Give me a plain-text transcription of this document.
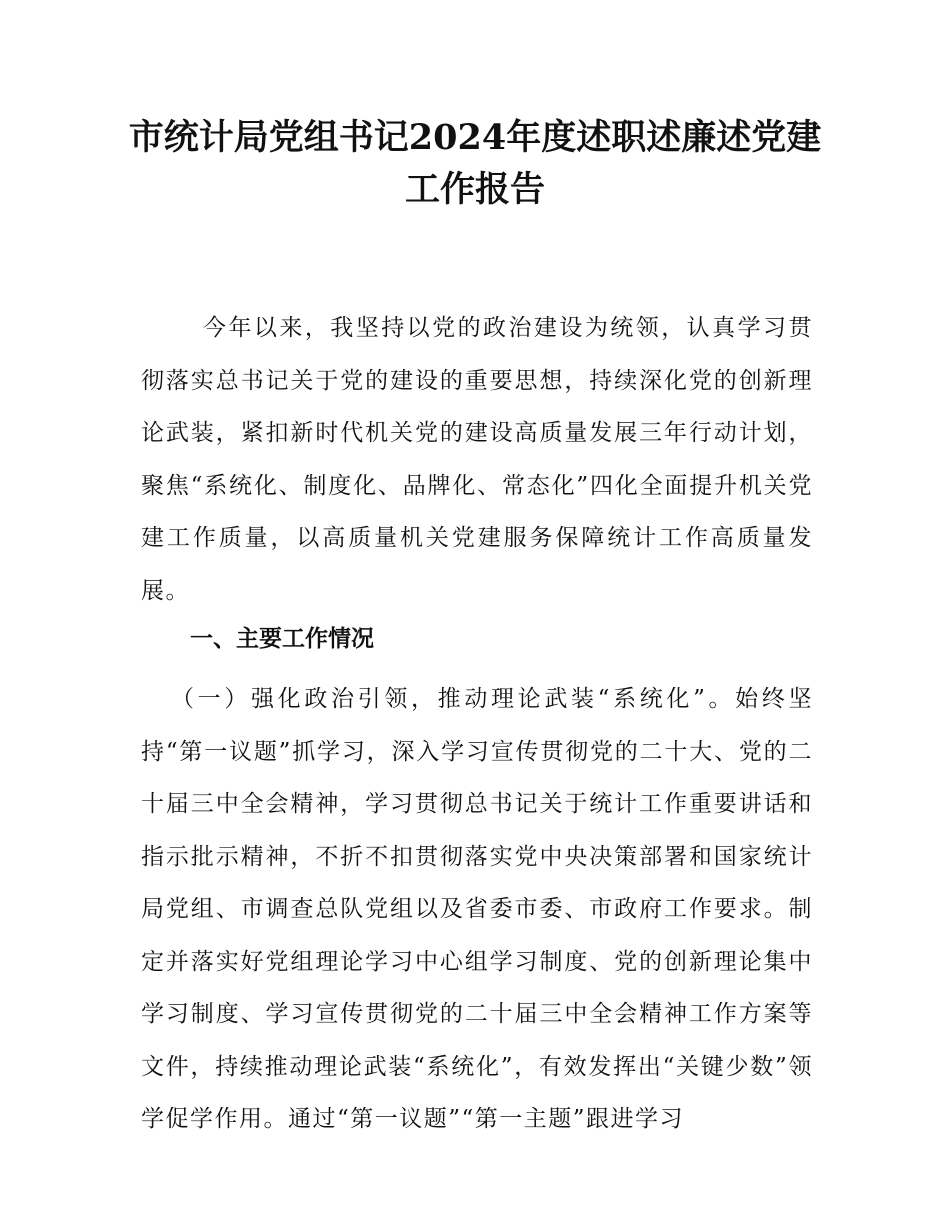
市统计局党组书记2024年度述职述廉述党建工作报告

今年以来，我坚持以党的政治建设为统领，认真学习贯彻落实总书记关于党的建设的重要思想，持续深化党的创新理论武装，紧扣新时代机关党的建设高质量发展三年行动计划，聚焦“系统化、制度化、品牌化、常态化”四化全面提升机关党建工作质量，以高质量机关党建服务保障统计工作高质量发展。

一、主要工作情况

（一）强化政治引领，推动理论武装“系统化”。始终坚持“第一议题”抓学习，深入学习宣传贯彻党的二十大、党的二十届三中全会精神，学习贯彻总书记关于统计工作重要讲话和指示批示精神，不折不扣贯彻落实党中央决策部署和国家统计局党组、市调查总队党组以及省委市委、市政府工作要求。制定并落实好党组理论学习中心组学习制度、党的创新理论集中学习制度、学习宣传贯彻党的二十届三中全会精神工作方案等文件，持续推动理论武装“系统化”，有效发挥出“关键少数”领学促学作用。通过“第一议题”“第一主题”跟进学习
